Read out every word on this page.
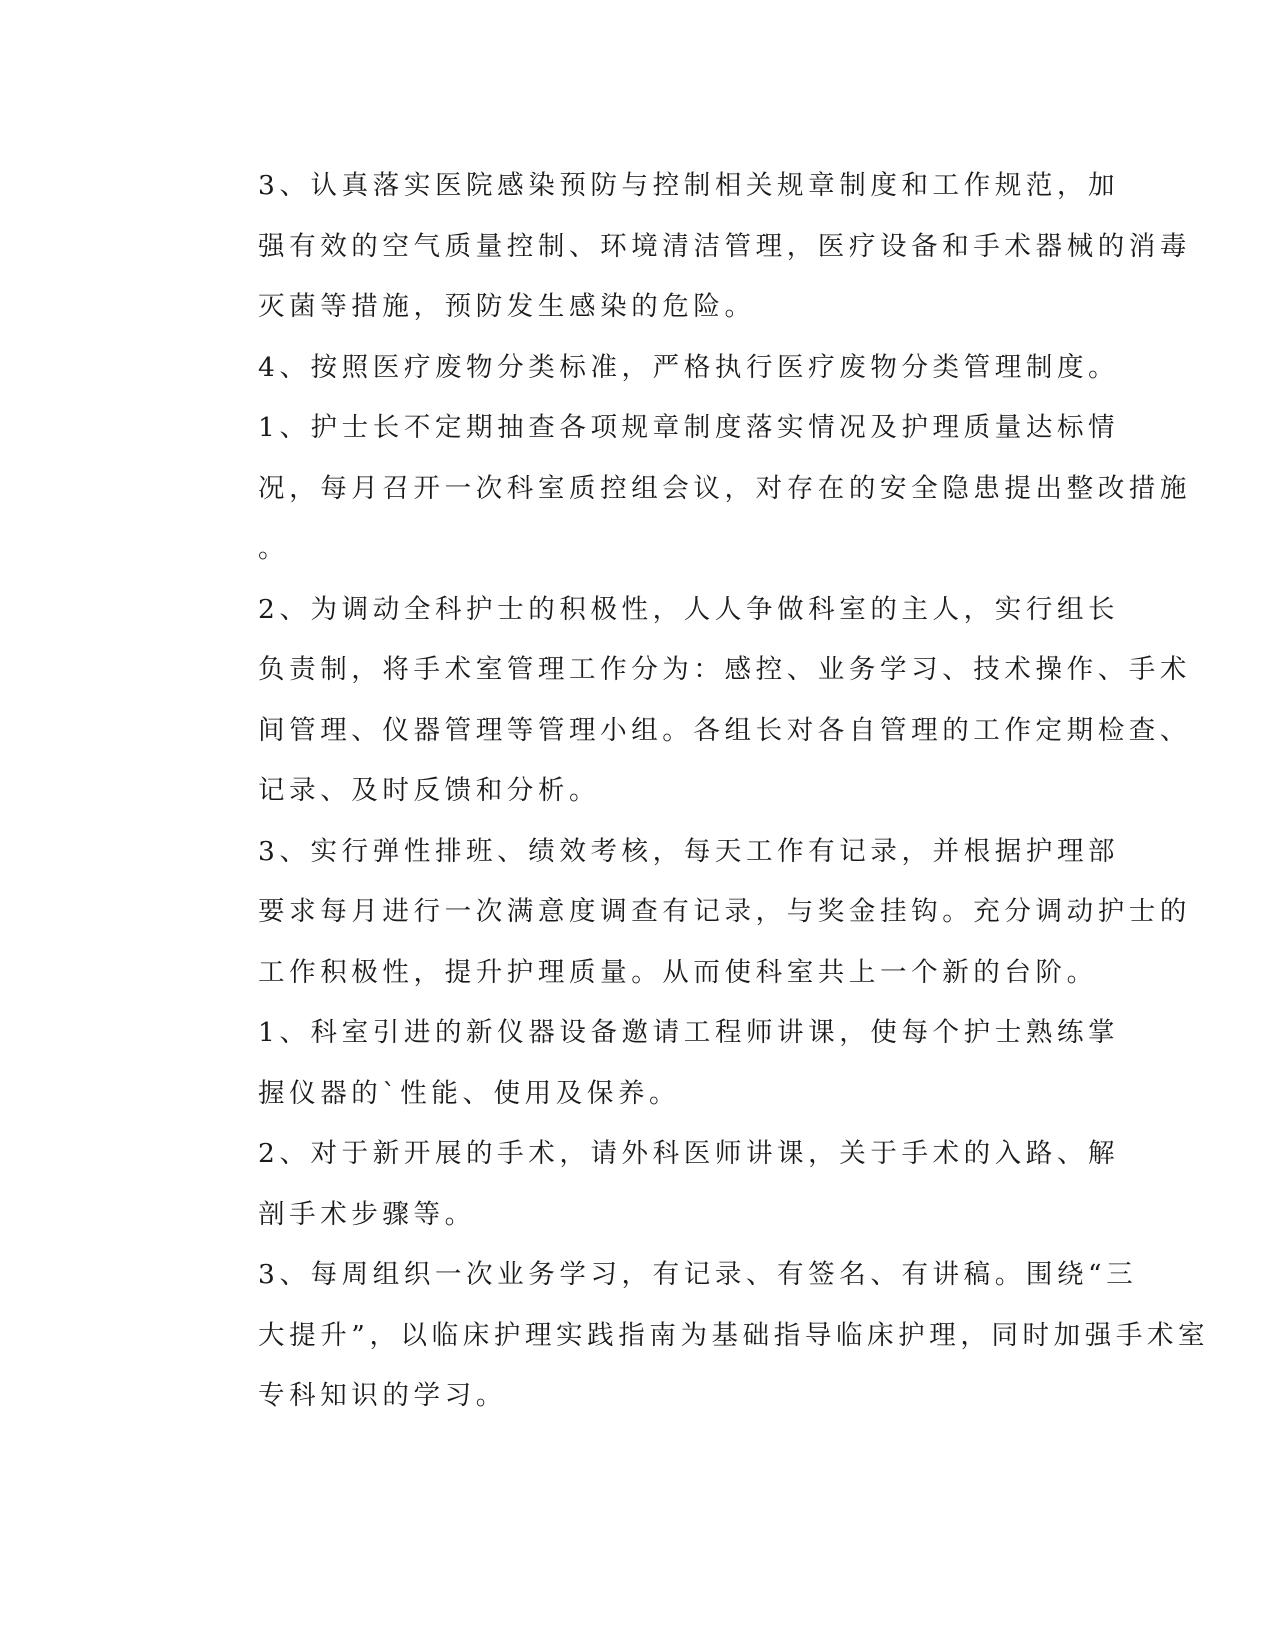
3、认真落实医院感染预防与控制相关规章制度和工作规范，加
强有效的空气质量控制、环境清洁管理，医疗设备和手术器械的消毒
灭菌等措施，预防发生感染的危险。

4、按照医疗废物分类标准，严格执行医疗废物分类管理制度。

1、护士长不定期抽查各项规章制度落实情况及护理质量达标情
况，每月召开一次科室质控组会议，对存在的安全隐患提出整改措施
。

2、为调动全科护士的积极性，人人争做科室的主人，实行组长
负责制，将手术室管理工作分为：感控、业务学习、技术操作、手术
间管理、仪器管理等管理小组。各组长对各自管理的工作定期检查、
记录、及时反馈和分析。

3、实行弹性排班、绩效考核，每天工作有记录，并根据护理部
要求每月进行一次满意度调查有记录，与奖金挂钩。充分调动护士的
工作积极性，提升护理质量。从而使科室共上一个新的台阶。

1、科室引进的新仪器设备邀请工程师讲课，使每个护士熟练掌
握仪器的`性能、使用及保养。

2、对于新开展的手术，请外科医师讲课，关于手术的入路、解
剖手术步骤等。

3、每周组织一次业务学习，有记录、有签名、有讲稿。围绕“三
大提升”，以临床护理实践指南为基础指导临床护理，同时加强手术室
专科知识的学习。
